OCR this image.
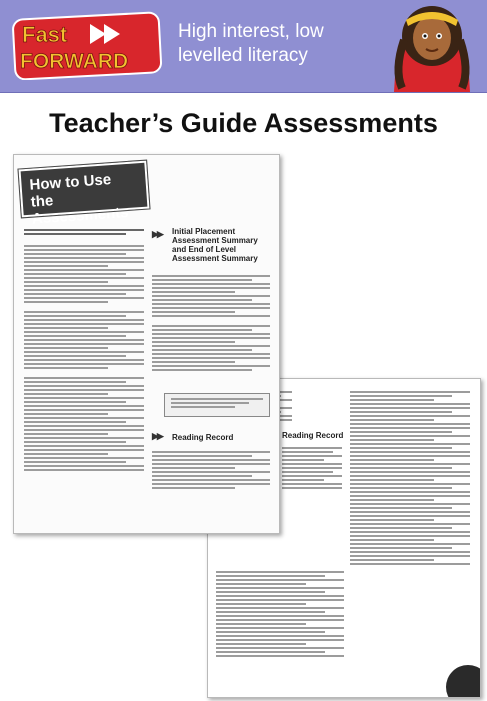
Fast
FORWARD
High interest, low levelled literacy
Teacher’s Guide Assessments
Reading Record
How to Use the Assessments
▶▶ Initial Placement Assessment Summary and End of Level Assessment Summary
▶▶ Reading Record
